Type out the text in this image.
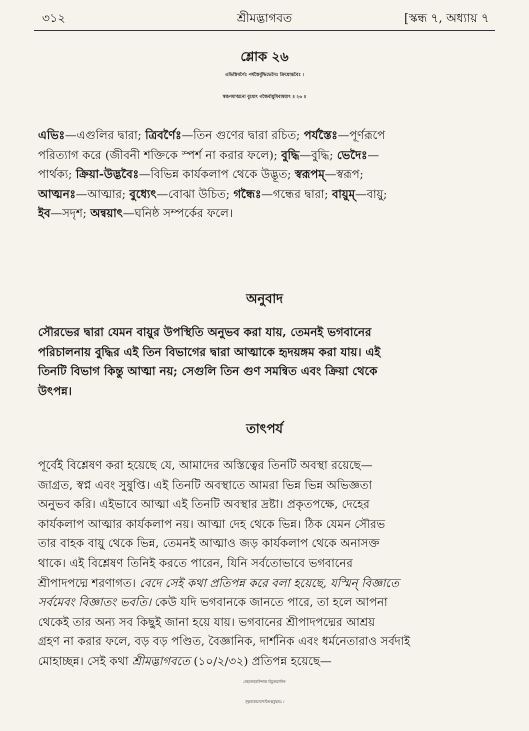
৩১২	শ্রীমদ্ভাগবত	[স্কন্ধ ৭, অধ্যায় ৭
শ্লোক ২৬
এভিস্ত্রিবর্ণৈঃ পর্যস্তৈর্বুদ্ধিভেদৈঃ ক্রিয়োদ্ভবৈঃ ।
স্বরূপমাত্মনো বুধ্যেৎ গন্ধৈর্বায়ুমিবান্বয়াৎ ॥ ২৬ ॥
এভিঃ—এগুলির দ্বারা; ত্রিবর্ণৈঃ—তিন গুণের দ্বারা রচিত; পর্যস্তৈঃ—পূর্ণরূপে
পরিত্যাগ করে (জীবনী শক্তিকে স্পর্শ না করার ফলে); বুদ্ধি—বুদ্ধি; ভেদৈঃ—
পার্থক্য; ক্রিয়া-উদ্ভবৈঃ—বিভিন্ন কার্যকলাপ থেকে উদ্ভূত; স্বরূপম্—স্বরূপ;
আত্মনঃ—আত্মার; বুধ্যেৎ—বোঝা উচিত; গন্ধৈঃ—গন্ধের দ্বারা; বায়ুম্—বায়ু;
ইব—সদৃশ; অন্বয়াৎ—ঘনিষ্ঠ সম্পর্কের ফলে।
অনুবাদ
সৌরভের দ্বারা যেমন বায়ুর উপস্থিতি অনুভব করা যায়, তেমনই ভগবানের
পরিচালনায় বুদ্ধির এই তিন বিভাগের দ্বারা আত্মাকে হৃদয়ঙ্গম করা যায়। এই
তিনটি বিভাগ কিন্তু আত্মা নয়; সেগুলি তিন গুণ সমন্বিত এবং ক্রিয়া থেকে
উৎপন্ন।
তাৎপর্য
পূর্বেই বিশ্লেষণ করা হয়েছে যে, আমাদের অস্তিত্বের তিনটি অবস্থা রয়েছে—
জাগ্রত, স্বপ্ন এবং সুষুপ্তি। এই তিনটি অবস্থাতে আমরা ভিন্ন ভিন্ন অভিজ্ঞতা
অনুভব করি। এইভাবে আত্মা এই তিনটি অবস্থার দ্রষ্টা। প্রকৃতপক্ষে, দেহের
কার্যকলাপ আত্মার কার্যকলাপ নয়। আত্মা দেহ থেকে ভিন্ন। ঠিক যেমন সৌরভ
তার বাহক বায়ু থেকে ভিন্ন, তেমনই আত্মাও জড় কার্যকলাপ থেকে অনাসক্ত
থাকে। এই বিশ্লেষণ তিনিই করতে পারেন, যিনি সর্বতোভাবে ভগবানের
শ্রীপাদপদ্মে শরণাগত। বেদে সেই কথা প্রতিপন্ন করে বলা হয়েছে, যস্মিন্ বিজ্ঞাতে
সর্বমেবং বিজ্ঞাতং ভবতি। কেউ যদি ভগবানকে জানতে পারে, তা হলে আপনা
থেকেই তার অন্য সব কিছুই জানা হয়ে যায়। ভগবানের শ্রীপাদপদ্মের আশ্রয়
গ্রহণ না করার ফলে, বড় বড় পণ্ডিত, বৈজ্ঞানিক, দার্শনিক এবং ধর্মনেতারাও সর্বদাই
মোহাচ্ছন্ন। সেই কথা শ্রীমদ্ভাগবতে (১০/২/৩২) প্রতিপন্ন হয়েছে—
যেহন্যেহরবিন্দাক্ষ বিমুক্তমানিন-
স্ত্বয্যস্তভাবাদবিশুদ্ধবুদ্ধয়ঃ ।
